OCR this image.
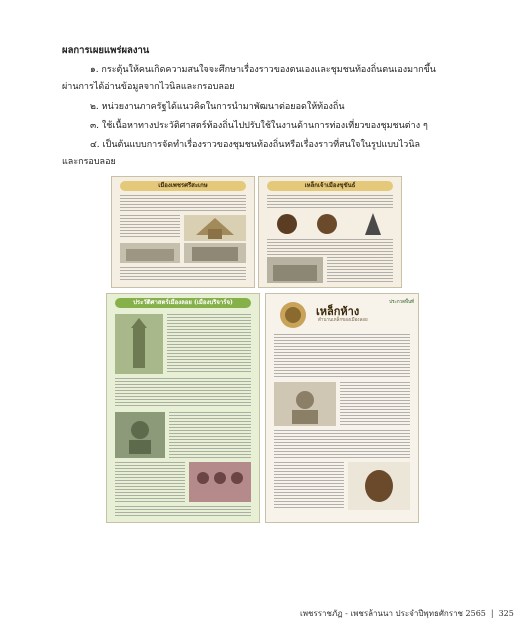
ผลการเผยแพร่ผลงาน
๑. กระตุ้นให้คนเกิดความสนใจจะศึกษาเรื่องราวของตนเองและชุมชนท้องถิ่นตนเองมากขึ้น
ผ่านการได้อ่านข้อมูลจากไวนิลและกรอบลอย
๒. หน่วยงานภาครัฐได้แนวคิดในการนำมาพัฒนาต่อยอดให้ท้องถิ่น
๓. ใช้เนื้อหาทางประวัติศาสตร์ท้องถิ่นไปปรับใช้ในงานด้านการท่องเที่ยวของชุมชนต่าง ๆ
๔. เป็นต้นแบบการจัดทำเรื่องราวของชุมชนท้องถิ่นหรือเรื่องราวที่สนใจในรูปแบบไวนิล
และกรอบลอย
เมืองเพชรศรีสะเกษ	เหล็กเจ้าเมืองขุขันธ์
ประวัติศาสตร์เมืองลอย (เมืองบริจาร์จ)	ประกวดพื้นที่
เหล็กห้าง
ตำนานเหล็กของเมืองลอย
เพชรราชภัฏ - เพชรล้านนา ประจำปีพุทธศักราช 2565 | 325
